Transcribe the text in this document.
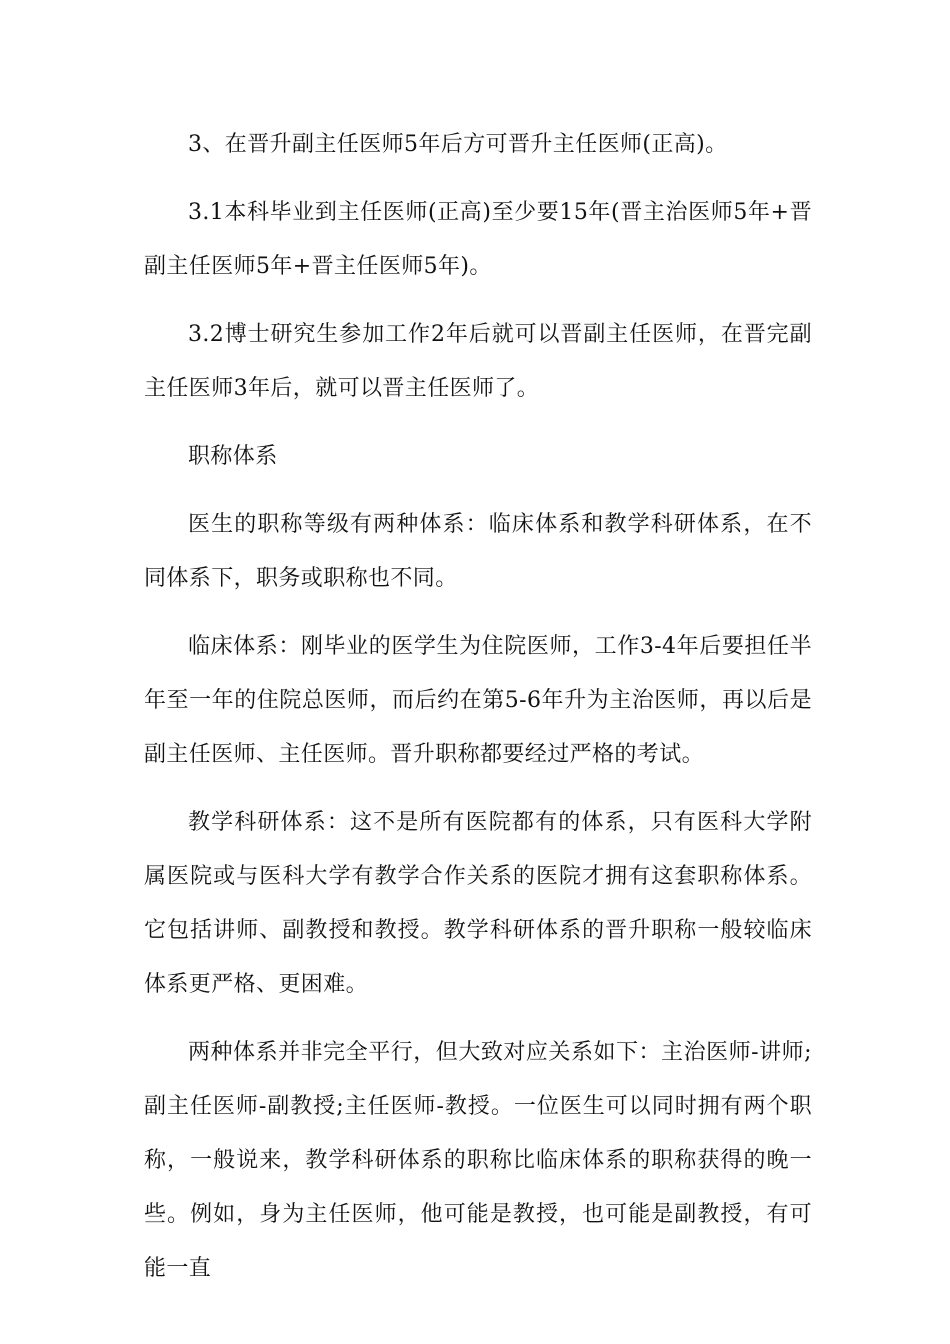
3、在晋升副主任医师5年后方可晋升主任医师(正高)。

3.1本科毕业到主任医师(正高)至少要15年(晋主治医师5年+晋副主任医师5年+晋主任医师5年)。

3.2博士研究生参加工作2年后就可以晋副主任医师，在晋完副主任医师3年后，就可以晋主任医师了。

职称体系

医生的职称等级有两种体系：临床体系和教学科研体系，在不同体系下，职务或职称也不同。

临床体系：刚毕业的医学生为住院医师，工作3-4年后要担任半年至一年的住院总医师，而后约在第5-6年升为主治医师，再以后是副主任医师、主任医师。晋升职称都要经过严格的考试。

教学科研体系：这不是所有医院都有的体系，只有医科大学附属医院或与医科大学有教学合作关系的医院才拥有这套职称体系。它包括讲师、副教授和教授。教学科研体系的晋升职称一般较临床体系更严格、更困难。

两种体系并非完全平行，但大致对应关系如下：主治医师-讲师;副主任医师-副教授;主任医师-教授。一位医生可以同时拥有两个职称，一般说来，教学科研体系的职称比临床体系的职称获得的晚一些。例如，身为主任医师，他可能是教授，也可能是副教授，有可能一直
